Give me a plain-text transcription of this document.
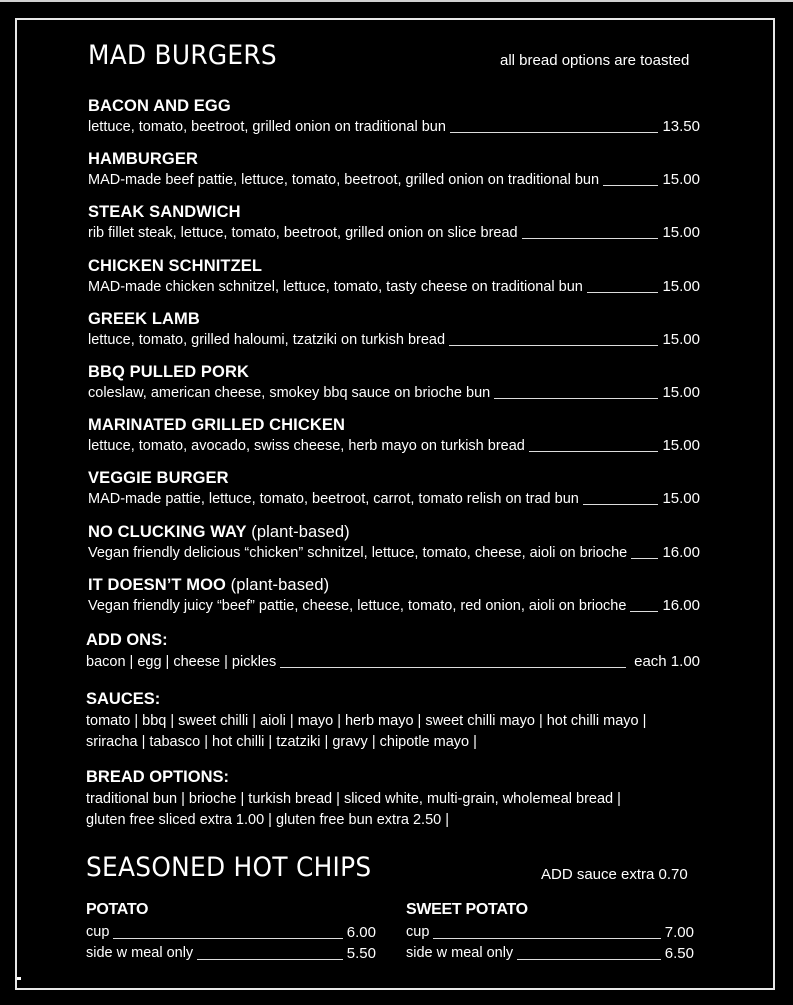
MAD BURGERS	all bread options are toasted
BACON AND EGG
lettuce, tomato, beetroot, grilled onion on traditional bun	13.50
HAMBURGER
MAD-made beef pattie, lettuce, tomato, beetroot, grilled onion on traditional bun	15.00
STEAK SANDWICH
rib fillet steak, lettuce, tomato, beetroot, grilled onion on slice bread	15.00
CHICKEN SCHNITZEL
MAD-made chicken schnitzel, lettuce, tomato, tasty cheese on traditional bun	15.00
GREEK LAMB
lettuce, tomato, grilled haloumi, tzatziki on turkish bread	15.00
BBQ PULLED PORK
coleslaw, american cheese, smokey bbq sauce on brioche bun	15.00
MARINATED GRILLED CHICKEN
lettuce, tomato, avocado, swiss cheese, herb mayo on turkish bread	15.00
VEGGIE BURGER
MAD-made pattie, lettuce, tomato, beetroot, carrot, tomato relish on trad bun	15.00
NO CLUCKING WAY (plant-based)
Vegan friendly delicious “chicken” schnitzel, lettuce, tomato, cheese, aioli on brioche 16.00
IT DOESN’T MOO (plant-based)
Vegan friendly juicy “beef” pattie, cheese, lettuce, tomato, red onion, aioli on brioche 16.00
ADD ONS:
bacon | egg | cheese | pickles	each 1.00
SAUCES:
tomato | bbq | sweet chilli | aioli | mayo | herb mayo | sweet chilli mayo | hot chilli mayo |
sriracha | tabasco | hot chilli | tzatziki | gravy | chipotle mayo |
BREAD OPTIONS:
traditional bun | brioche | turkish bread | sliced white, multi-grain, wholemeal bread |
gluten free sliced extra 1.00 | gluten free bun extra 2.50 |
SEASONED HOT CHIPS	ADD sauce extra 0.70
POTATO
cup	6.00
side w meal only	5.50
SWEET POTATO
cup	7.00
side w meal only	6.50
